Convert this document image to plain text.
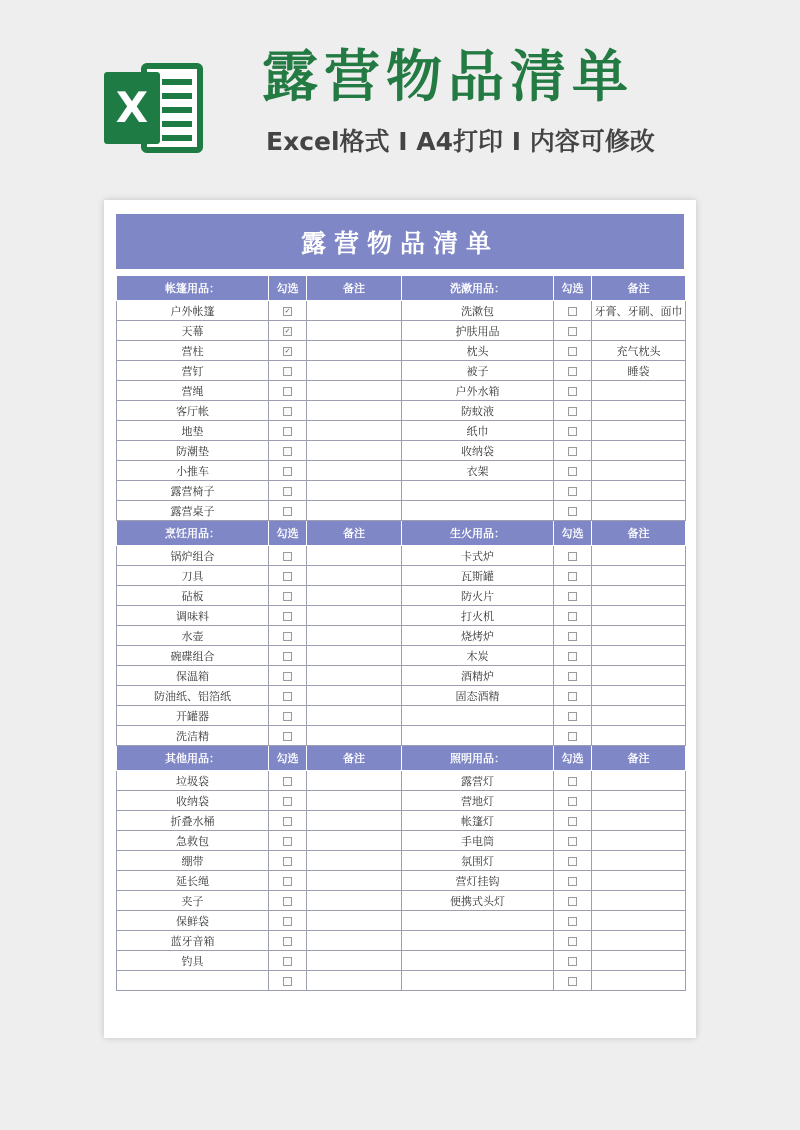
X 露营物品清单
Excel格式 I A4打印 I 内容可修改
露营物品清单
帐篷用品：	勾选	备注	洗漱用品：	勾选	备注
户外帐篷	✓		洗漱包		牙膏、牙刷、面巾
天幕	✓		护肤用品		
营柱	✓		枕头		充气枕头
营钉			被子		睡袋
营绳			户外水箱		
客厅帐			防蚊液		
地垫			纸巾		
防潮垫			收纳袋		
小推车			衣架		
露营椅子					
露营桌子					
烹饪用品：	勾选	备注	生火用品：	勾选	备注
锅炉组合			卡式炉		
刀具			瓦斯罐		
砧板			防火片		
调味料			打火机		
水壶			烧烤炉		
碗碟组合			木炭		
保温箱			酒精炉		
防油纸、铝箔纸			固态酒精		
开罐器					
洗洁精					
其他用品：	勾选	备注	照明用品：	勾选	备注
垃圾袋			露营灯		
收纳袋			营地灯		
折叠水桶			帐篷灯		
急救包			手电筒		
绷带			氛围灯		
延长绳			营灯挂钩		
夹子			便携式头灯		
保鲜袋					
蓝牙音箱					
钓具					
